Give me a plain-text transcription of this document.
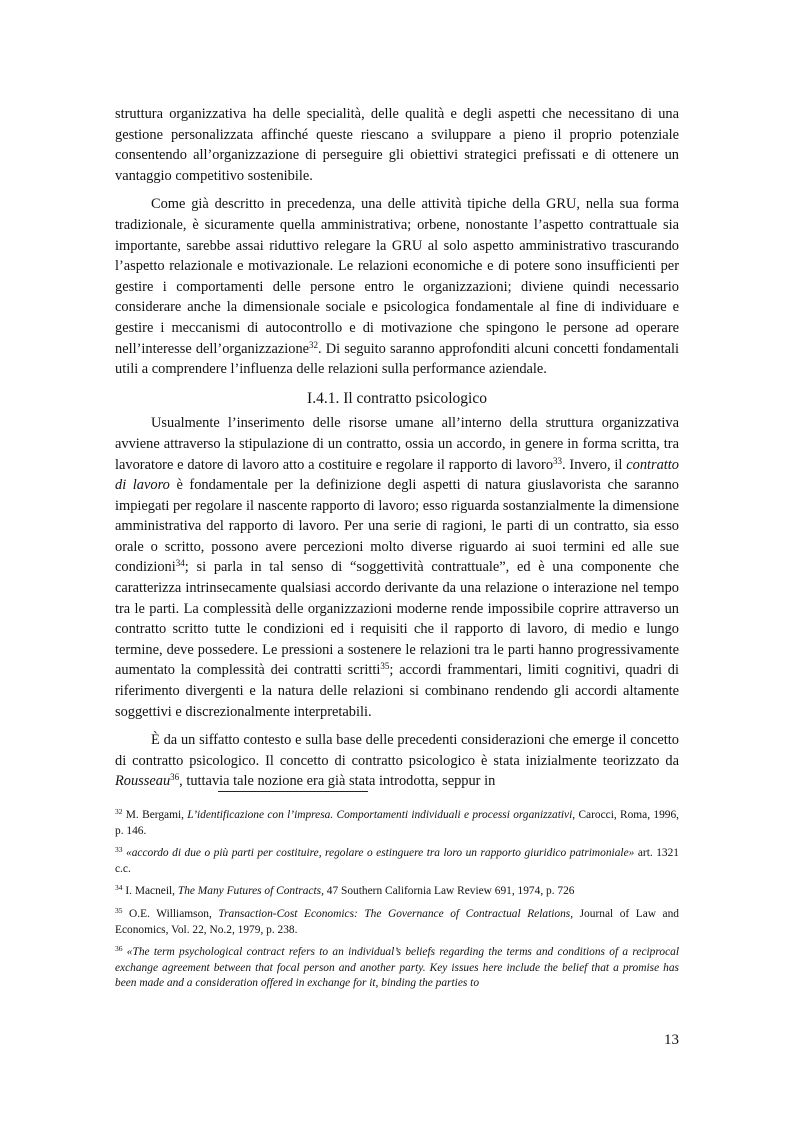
struttura organizzativa ha delle specialità, delle qualità e degli aspetti che necessitano di una gestione personalizzata affinché queste riescano a svilupparе a pieno il proprio potenziale consentendo all’organizzazione di perseguire gli obiettivi strategici prefissati e di ottenere un vantaggio competitivo sostenibile.

Come già descritto in precedenza, una delle attività tipiche della GRU, nella sua forma tradizionale, è sicuramente quella amministrativa; orbene, nonostante l’aspetto contrattuale sia importante, sarebbe assai riduttivo relegare la GRU al solo aspetto amministrativo trascurando l’aspetto relazionale e motivazionale. Le relazioni economiche e di potere sono insufficienti per gestire i comportamenti delle persone entro le organizzazioni; diviene quindi necessario considerare anche la dimensionale sociale e psicologica fondamentale al fine di individuare e gestire i meccanismi di autocontrollo e di motivazione che spingono le persone ad operare nell’interesse dell’organizzazione$^{32}$. Di seguito saranno approfonditi alcuni concetti fondamentali utili a comprendere l’influenza delle relazioni sulla performance aziendale.

I.4.1. Il contratto psicologico

Usualmente l’inserimento delle risorse umane all’interno della struttura organizzativa avviene attraverso la stipulazione di un contratto, ossia un accordo, in genere in forma scritta, tra lavoratore e datore di lavoro atto a costituire e regolare il rapporto di lavoro$^{33}$. Invero, il contratto di lavoro è fondamentale per la definizione degli aspetti di natura giuslavorista che saranno impiegati per regolare il nascente rapporto di lavoro; esso riguarda sostanzialmente la dimensione amministrativa del rapporto di lavoro. Per una serie di ragioni, le parti di un contratto, sia esso orale o scritto, possono avere percezioni molto diverse riguardo ai suoi termini ed alle sue condizioni$^{34}$; si parla in tal senso di “soggettività contrattuale”, ed è una componente che caratterizza intrinsecamente qualsiasi accordo derivante da una relazione o interazione nel tempo tra le parti. La complessità delle organizzazioni moderne rende impossibile coprire attraverso un contratto scritto tutte le condizioni ed i requisiti che il rapporto di lavoro, di medio e lungo termine, deve possedere. Le pressioni a sostenere le relazioni tra le parti hanno progressivamente aumentato la complessità dei contratti scritti$^{35}$; accordi frammentari, limiti cognitivi, quadri di riferimento divergenti e la natura delle relazioni si combinano rendendo gli accordi altamente soggettivi e discrezionalmente interpretabili.

È da un siffatto contesto e sulla base delle precedenti considerazioni che emerge il concetto di contratto psicologico. Il concetto di contratto psicologico è stata inizialmente teorizzato da Rousseau$^{36}$, tuttavia tale nozione era già stata introdotta, seppur in

$^{32}$ M. Bergami, L’identificazione con l’impresa. Comportamenti individuali e processi organizzativi, Carocci, Roma, 1996, p. 146.

$^{33}$ «accordo di due o più parti per costituire, regolare o estinguere tra loro un rapporto giuridico patrimoniale» art. 1321 c.c.

$^{34}$ I. Macneil, The Many Futures of Contracts, 47 Southern California Law Review 691, 1974, p. 726

$^{35}$ O.E. Williamson, Transaction-Cost Economics: The Governance of Contractual Relations, Journal of Law and Economics, Vol. 22, No.2, 1979, p. 238.

$^{36}$ «The term psychological contract refers to an individual’s beliefs regarding the terms and conditions of a reciprocal exchange agreement between that focal person and another party. Key issues here include the belief that a promise has been made and a consideration offered in exchange for it, binding the parties to

13
